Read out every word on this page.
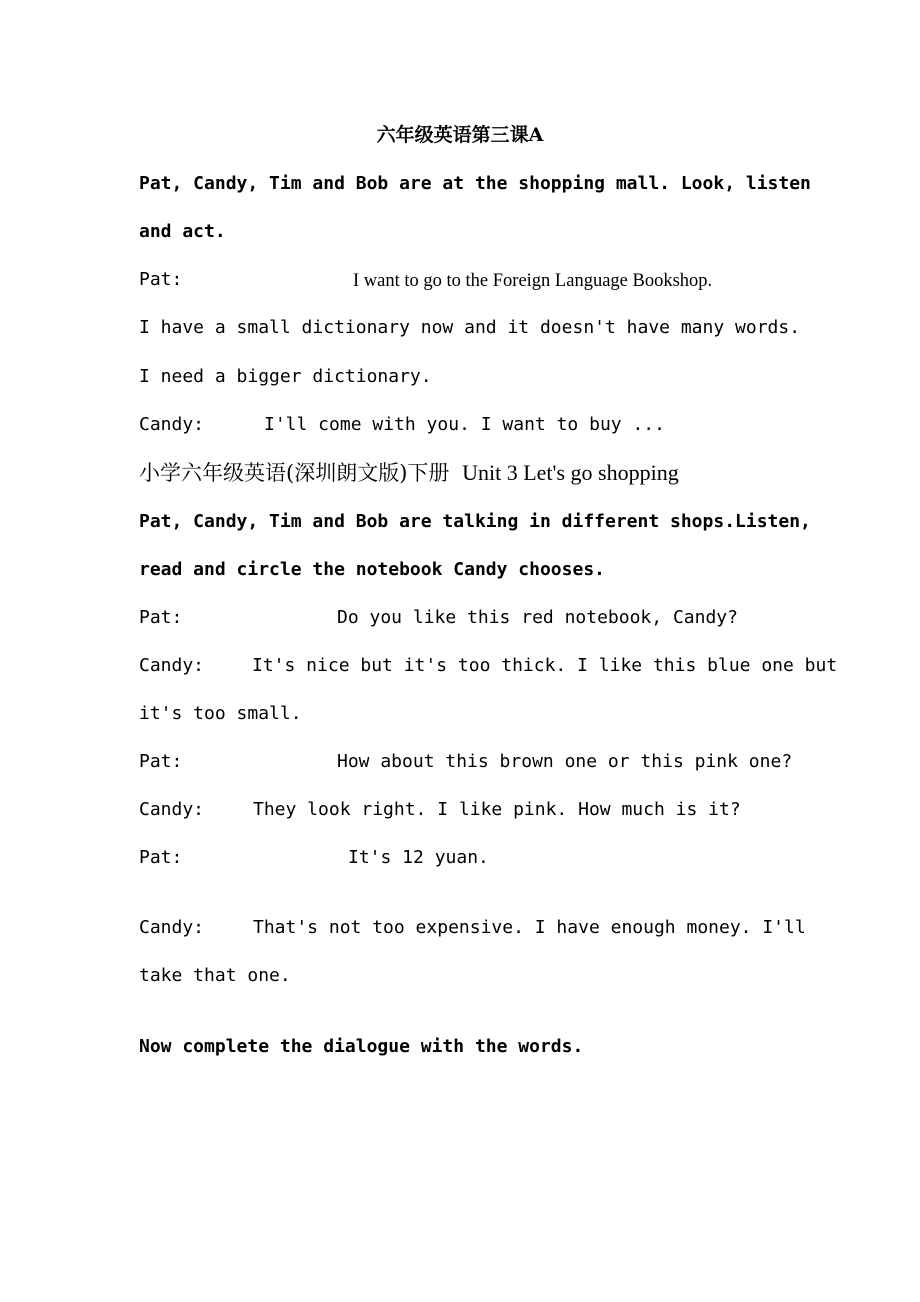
六年级英语第三课A
Pat, Candy, Tim and Bob are at the shopping mall. Look, listen
and act.
Pat:	I want to go to the Foreign Language Bookshop.
I have a small dictionary now and it doesn't have many words.
I need a bigger dictionary.
Candy:	I'll come with you. I want to buy ...
小学六年级英语(深圳朗文版)下册 Unit 3 Let's go shopping
Pat, Candy, Tim and Bob are talking in different shops.Listen,
read and circle the notebook Candy chooses.
Pat:	Do you like this red notebook, Candy?
Candy:	It's nice but it's too thick. I like this blue one but
it's too small.
Pat:	How about this brown one or this pink one?
Candy:	They look right. I like pink. How much is it?
Pat:	It's 12 yuan.
Candy:	That's not too expensive. I have enough money. I'll
take that one.
Now complete the dialogue with the words.
